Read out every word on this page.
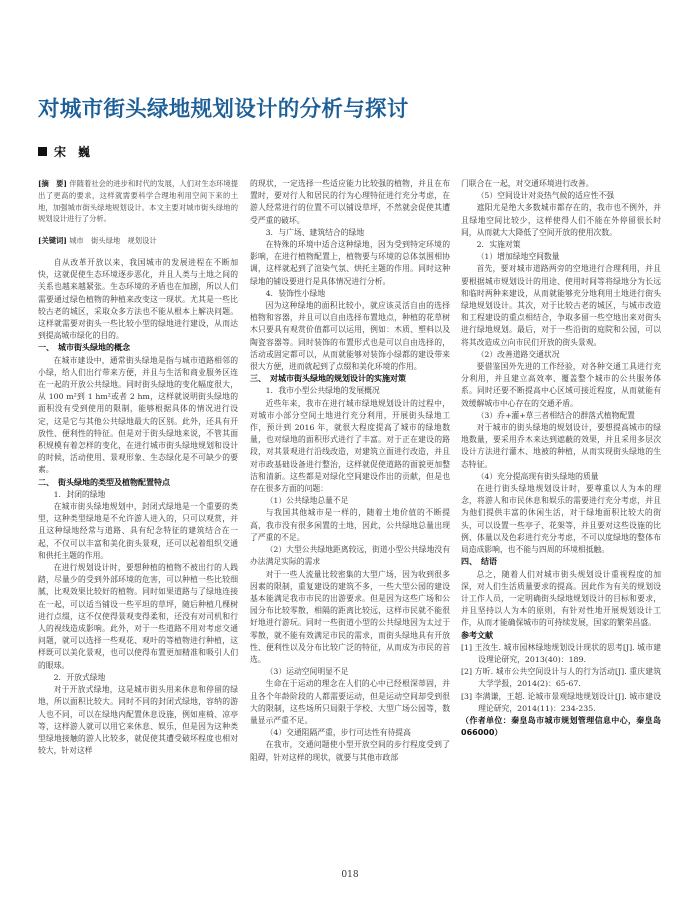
对城市街头绿地规划设计的分析与探讨
宋　巍

[摘　要] 伴随着社会的进步和时代的发展，人们对生态环境提出了更高的要求，这样就需要科学合理地利用空间下来的土地，加强城市街头绿地规划设计。本文主要对城市街头绿地的规划设计进行了分析。

[关键词] 城市　街头绿地　规划设计

自从改革开放以来，我国城市的发展进程在不断加快，这就促使生态环境逐步恶化，并且人类与土地之间的关系也越来越紧张。生态环境的矛盾也在加剧，所以人们需要通过绿色植物的种植来改变这一现状。尤其是一些比较古老的城区，采取众多方法也不能从根本上解决问题。这样就需要对街头一些比较小型的绿地进行建设，从而达到提高城市绿化的目的。

一、　城市街头绿地的概念

在城市建设中，通常街头绿地是指与城市道路相邻的小绿，给人们出行带来方便，并且与生活和商业服务区连在一起的开放公共绿地。同时街头绿地的变化幅度很大，从 100 m²到 1 hm²或者 2 hm，这样就说明街头绿地的面积没有受到使用的限制，能够根据具体的情况进行设定，这是它与其他公共绿地最大的区别。此外，还具有开放性、便利性的特征。但是对于街头绿地来说，不管其面积规模有着怎样的变化，在进行城市街头绿地规划和设计的时候，活动使用、景观形象、生态绿化是不可缺少的要素。

二、　街头绿地的类型及植物配置特点

1．封闭的绿地

在城市街头绿地规划中，封闭式绿地是一个重要的类型，这种类型绿地是不允许游人进入的，只可以观赏，并且这种绿地经常与道路、具有纪念特征的建筑结合在一起，不仅可以丰富和美化街头景观，还可以起着组织交通和供托主题的作用。

在进行规划设计时，要想种植的植物不被出行的人践踏，尽量少的受到外部环境的危害，可以种植一些比较细腻，比观效果比较好的植物。同时如果道路与了绿地连接在一起，可以适当铺设一些平坦的草坪，随后种植几棵树进行点缀，这不仅使得景观变得柔和，还没有对司机和行人的视线造成影响。此外，对于一些道路不用对考虑交通问题，就可以选择一些观花、观叶的等植物进行种植，这样既可以美化景观，也可以使得布置更加精准和吸引人们的眼球。

2．开放式绿地

对于开放式绿地，这是城市街头用来休息和停留的绿地，所以面积比较大。同时不同的封闭式绿地，容纳的游人也不同，可以在绿地内配置休息设施，例如座椅、凉亭等，这样游人就可以用它来休息、娱乐，但是因为这种类型绿地接触的游人比较多，就促使其遭受破坏程度也相对较大，针对这样

的现状，一定选择一些适应能力比较强的植物，并且在布置时，要对行人和居民的行为心理特征进行充分考虑，在游人经常进行的位置不可以铺设草坪，不然就会促使其遭受严重的破坏。

3．与广场、建筑结合的绿地

在特殊的环境中适合这种绿地，因为受到特定环境的影响，在进行植物配置上，植物要与环境的总体氛围相协调，这样就起到了渲染气氛、烘托主题的作用。同时这种绿地的铺设要进行是具体情况进行分析。

4．装饰性小绿地

因为这种绿地的面积比较小，就应该灵活自由的选择植物和容器，并且可以自由选择布置地点，种植的花草树木只要具有观赏价值都可以运用，例如：木质、塑料以及陶瓷容器等。同时装饰的布置形式也是可以自由选择的，活动或固定都可以，从而就能够对装饰小绿都的建设带来很大方便，进而就起到了点缀和美化环境的作用。

三、　对城市街头绿地的规划设计的实施对策

1．我市小型公共绿地的发展概况

近些年来，我市在进行城市绿地规划设计的过程中，对城市小部分空间土地进行充分利用，开展街头绿地工作，预计到 2016 年，就很大程度提高了城市的绿地数量，也对绿地的面积形式进行了丰富。对于正在建设的路段，对其景观进行沿线改造，对建筑立面进行改造，并且对市政基础设备进行整治，这样就促使道路的面貌更加整洁和清新。这些都是对绿化空间建设作出的贡献，但是也存在很多方面的问题：

（1）公共绿地总量不足

与我国其他城市是一样的，随着土地价值的不断提高，我市没有很多闲置的土地，因此，公共绿地总量出现了严重的不足。

（2）大型公共绿地距离较远，街道小型公共绿地没有办法满足实际的需求

对于一些人流量比较密集的大型广场，因为收到很多因素的限制，重复建设的建筑不多，一些大型公园的建设基本能满足我市市民的出游要求。但是因为这些广场和公园分布比较零散，相隔的距离比较远，这样市民就不能很好地进行游玩。同时一些街道小型的公共绿地因为太过于零散，就不能有效满足市民的需求，而街头绿地具有开放性、便利性以及分布比较广泛的特征，从而成为市民的首选。

（3）运动空间明显不足

生命在于运动的理念在人们的心中已经根深蒂固，并且各个年龄阶段的人都需要运动，但是运动空间却受到很大的限制，这些场所只局限于学校、大型广场公园等，数量显示严重不足。

（4）交通阻隔严重，步行可达性有待提高

在我市，交通问题使小型开放空间的步行程度受到了阻碍，针对这样的现状，就要与其他市政部

门联合在一起，对交通环境进行改善。

（5）空间设计对炎热气候的适应性不强

遮阳尤是绝大多数城市都存在的，我市也不例外，并且绿地空间比较少，这样使得人们不能在外停留很长时间，从而就大大降低了空间开放的使用次数。

2．实施对策

（1）增加绿地空间数量

首先，要对城市道路两旁的空地进行合理利用，并且要根据城市规划设计的用途、使用时间等将绿地分为长远和临时两种来建设，从而就能够充分地利用土地进行街头绿地规划设计。其次，对于比较古老的城区，与城市改造和工程建设的重点相结合，争取多留一些空地出来对街头进行绿地规划。最后，对于一些沿街的庭院和公园，可以将其改造成立向市民们开放的街头景观。

（2）改善道路交通状况

要借鉴国外先进的工作经验，对各种交通工具进行充分利用，并且建立高效率、覆盖整个城市的公共服务体系。同时还要不断提高中心区域可接近程度，从而就能有效缓解城市中心存在的交通矛盾。

（3）乔+灌+草三者相结合的群落式植物配置

对于城市的街头绿地的规划设计，要想提高城市的绿地数量，要采用乔木来达到遮蔽的效果，并且采用多层次设计方法进行灌木、地被的种植，从而实现街头绿地的生态特征。

（4）充分提高现有街头绿地的质量

在进行街头绿地规划设计时，要尊重以人为本的理念，将游人和市民休息和娱乐的需要进行充分考虑，并且为他们提供丰富的休闲生活，对于绿地面积比较大的街头，可以设置一些亭子、花架等，并且要对这些设施的比例、体量以及色彩进行充分考虑，不可以度绿地的整体布局造成影响，也不能与四周的环境相抵触。

四、　结语

总之，随着人们对城市街头规划设计重视程度的加深，对人们生活质量要求的提高。因此作为有关的规划设计工作人员，一定明确街头绿地规划设计的目标和要求，并且坚持以人为本的原则，有针对性地开展规划设计工作，从而才能确保城市的可持续发展，国家的繁荣昌盛。

参考文献

[1] 王汝生. 城市园林绿地规划设计现状的思考[J]. 城市建设理论研究，2013(40)：189.

[2] 方昕. 城市公共空间设计与人的行为活动[J]. 重庆建筑大学学报，2014(2)：65-67.

[3] 李满谦，王超. 论城市景观绿地规划设计[J]. 城市建设理论研究，2014(11)：234-235.

（作者单位：秦皇岛市城市规划管理信息中心，秦皇岛 066000）

018
